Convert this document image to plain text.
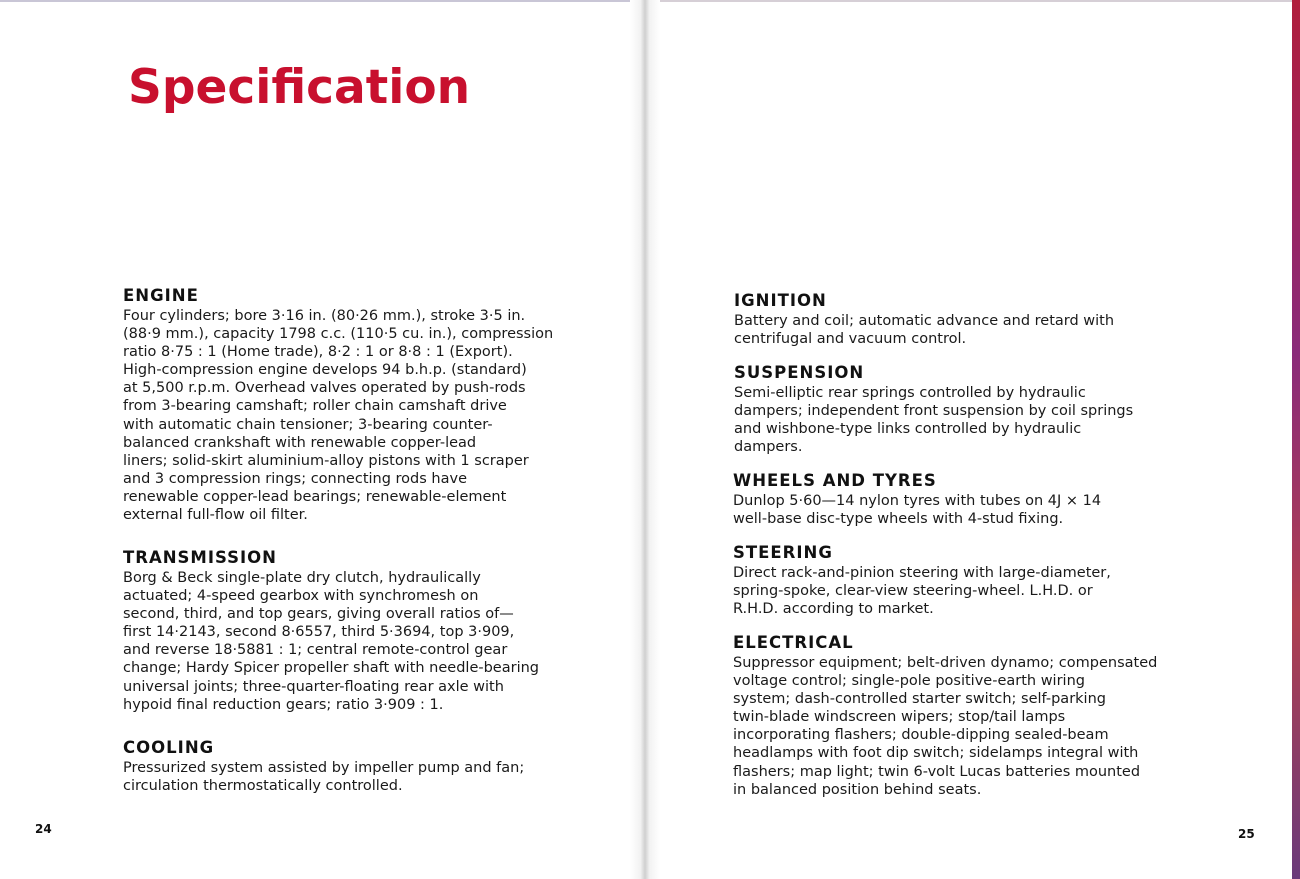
Specification
ENGINE
Four cylinders; bore 3·16 in. (80·26 mm.), stroke 3·5 in.
(88·9 mm.), capacity 1798 c.c. (110·5 cu. in.), compression
ratio 8·75 : 1 (Home trade), 8·2 : 1 or 8·8 : 1 (Export).
High-compression engine develops 94 b.h.p. (standard)
at 5,500 r.p.m. Overhead valves operated by push-rods
from 3-bearing camshaft; roller chain camshaft drive
with automatic chain tensioner; 3-bearing counter-
balanced crankshaft with renewable copper-lead
liners; solid-skirt aluminium-alloy pistons with 1 scraper
and 3 compression rings; connecting rods have
renewable copper-lead bearings; renewable-element
external full-flow oil filter.
TRANSMISSION
Borg & Beck single-plate dry clutch, hydraulically
actuated; 4-speed gearbox with synchromesh on
second, third, and top gears, giving overall ratios of—
first 14·2143, second 8·6557, third 5·3694, top 3·909,
and reverse 18·5881 : 1; central remote-control gear
change; Hardy Spicer propeller shaft with needle-bearing
universal joints; three-quarter-floating rear axle with
hypoid final reduction gears; ratio 3·909 : 1.
COOLING
Pressurized system assisted by impeller pump and fan;
circulation thermostatically controlled.
24
IGNITION
Battery and coil; automatic advance and retard with
centrifugal and vacuum control.
SUSPENSION
Semi-elliptic rear springs controlled by hydraulic
dampers; independent front suspension by coil springs
and wishbone-type links controlled by hydraulic
dampers.
WHEELS AND TYRES
Dunlop 5·60—14 nylon tyres with tubes on 4J × 14
well-base disc-type wheels with 4-stud fixing.
STEERING
Direct rack-and-pinion steering with large-diameter,
spring-spoke, clear-view steering-wheel. L.H.D. or
R.H.D. according to market.
ELECTRICAL
Suppressor equipment; belt-driven dynamo; compensated
voltage control; single-pole positive-earth wiring
system; dash-controlled starter switch; self-parking
twin-blade windscreen wipers; stop/tail lamps
incorporating flashers; double-dipping sealed-beam
headlamps with foot dip switch; sidelamps integral with
flashers; map light; twin 6-volt Lucas batteries mounted
in balanced position behind seats.
25
